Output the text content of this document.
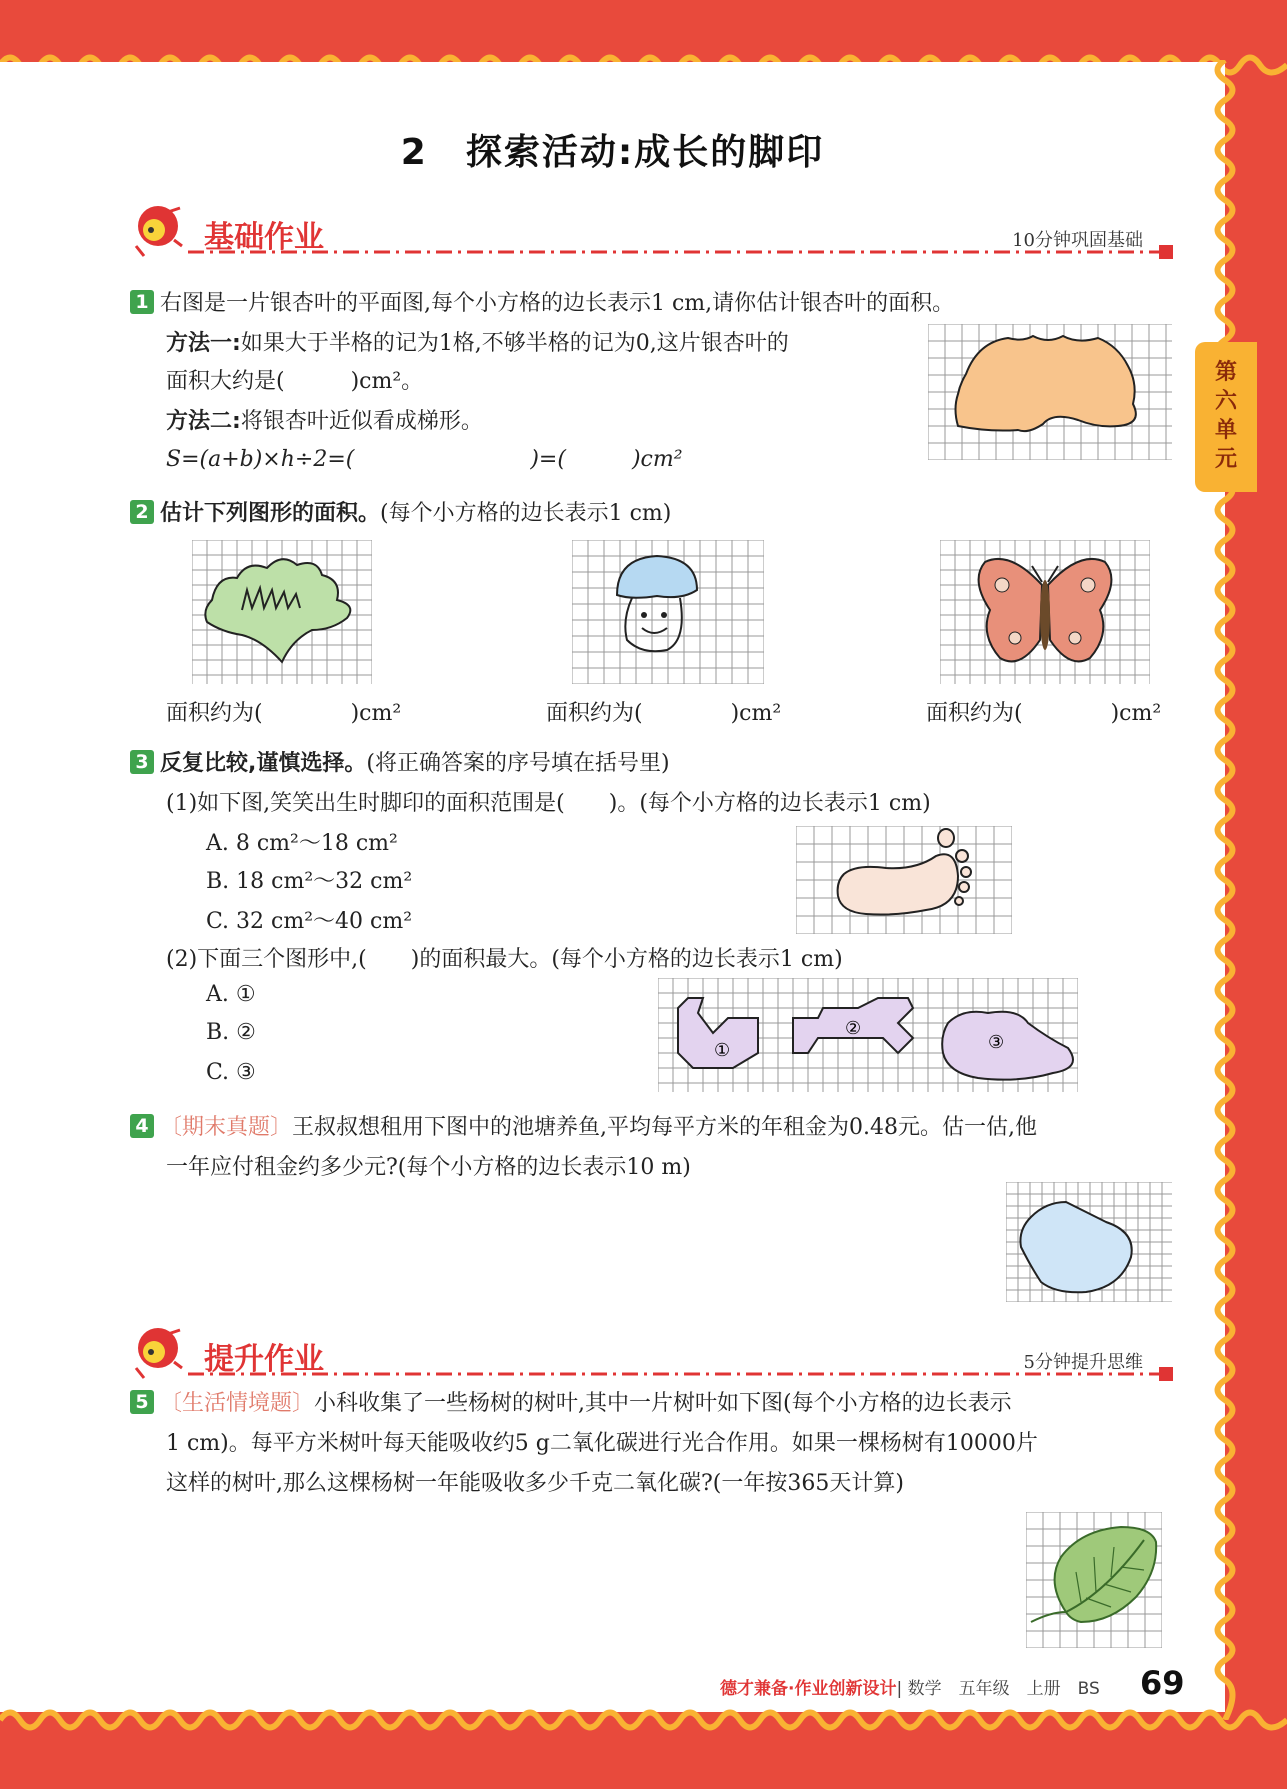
2　探索活动:成长的脚印
第六单元
基础作业	10分钟巩固基础
1 右图是一片银杏叶的平面图,每个小方格的边长表示1 cm,请你估计银杏叶的面积。
方法一:如果大于半格的记为1格,不够半格的记为0,这片银杏叶的
面积大约是(　　　)cm²。
方法二:将银杏叶近似看成梯形。
S=(a+b)×h÷2=(　　　　　　　　)=(　　　)cm²
2 估计下列图形的面积。(每个小方格的边长表示1 cm)
面积约为(　　　　)cm²	面积约为(　　　　)cm²	面积约为(　　　　)cm²
3 反复比较,谨慎选择。(将正确答案的序号填在括号里)
(1)如下图,笑笑出生时脚印的面积范围是(　　)。(每个小方格的边长表示1 cm)
A. 8 cm²～18 cm²
B. 18 cm²～32 cm²
C. 32 cm²～40 cm²
(2)下面三个图形中,(　　)的面积最大。(每个小方格的边长表示1 cm)
A. ①
B. ②
C. ③
①
②
③
4 〔期末真题〕王叔叔想租用下图中的池塘养鱼,平均每平方米的年租金为0.48元。估一估,他
一年应付租金约多少元?(每个小方格的边长表示10 m)
提升作业	5分钟提升思维
5 〔生活情境题〕小科收集了一些杨树的树叶,其中一片树叶如下图(每个小方格的边长表示
1 cm)。每平方米树叶每天能吸收约5 g二氧化碳进行光合作用。如果一棵杨树有10000片
这样的树叶,那么这棵杨树一年能吸收多少千克二氧化碳?(一年按365天计算)
德才兼备·作业创新设计| 数学　五年级　上册　BS 69
